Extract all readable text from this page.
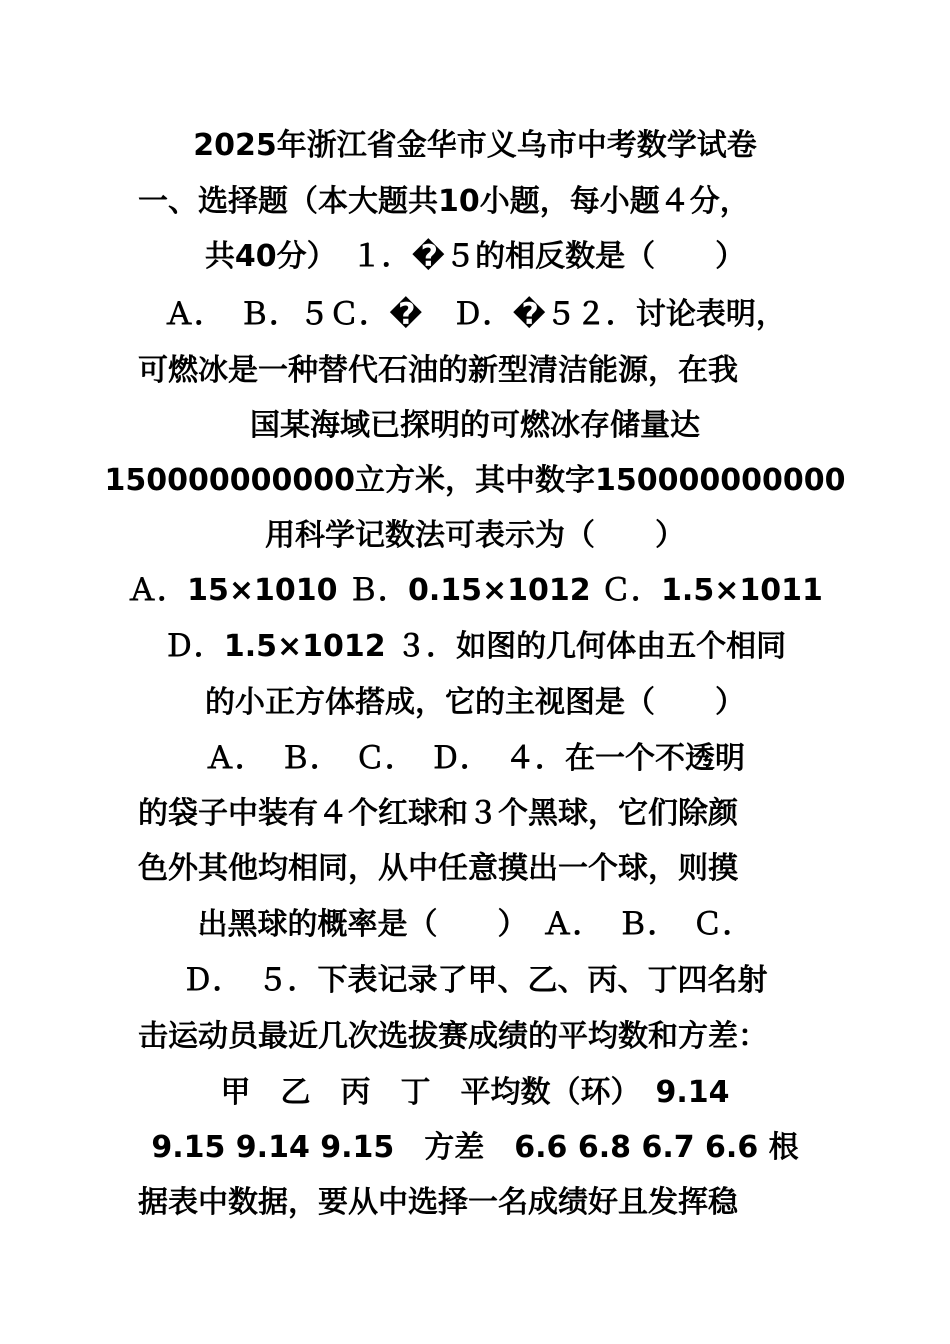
2025年浙江省金华市义乌市中考数学试卷
一、选择题（本大题共10小题，每小题４分，
共40分）　１．�５的相反数是（　　）
Ａ．　Ｂ．５Ｃ．�　Ｄ．�５２．讨论表明，
可燃冰是一种替代石油的新型清洁能源，在我
国某海域已探明的可燃冰存储量达
150000000000立方米，其中数字150000000000
用科学记数法可表示为（　　）
Ａ．15×1010 Ｂ．0.15×1012 Ｃ．1.5×1011
Ｄ．1.5×1012 ３．如图的几何体由五个相同
的小正方体搭成，它的主视图是（　　）
Ａ．　Ｂ．　Ｃ．　Ｄ．　４．在一个不透明
的袋子中装有４个红球和３个黑球，它们除颜
色外其他均相同，从中任意摸出一个球，则摸
出黑球的概率是（　　）　Ａ．　Ｂ．　Ｃ．
Ｄ．　５．下表记录了甲、乙、丙、丁四名射
击运动员最近几次选拔赛成绩的平均数和方差：
甲　乙　丙　丁　平均数（环）　9.14
9.15 9.14 9.15　方差　6.6 6.8 6.7 6.6 根
据表中数据，要从中选择一名成绩好且发挥稳
